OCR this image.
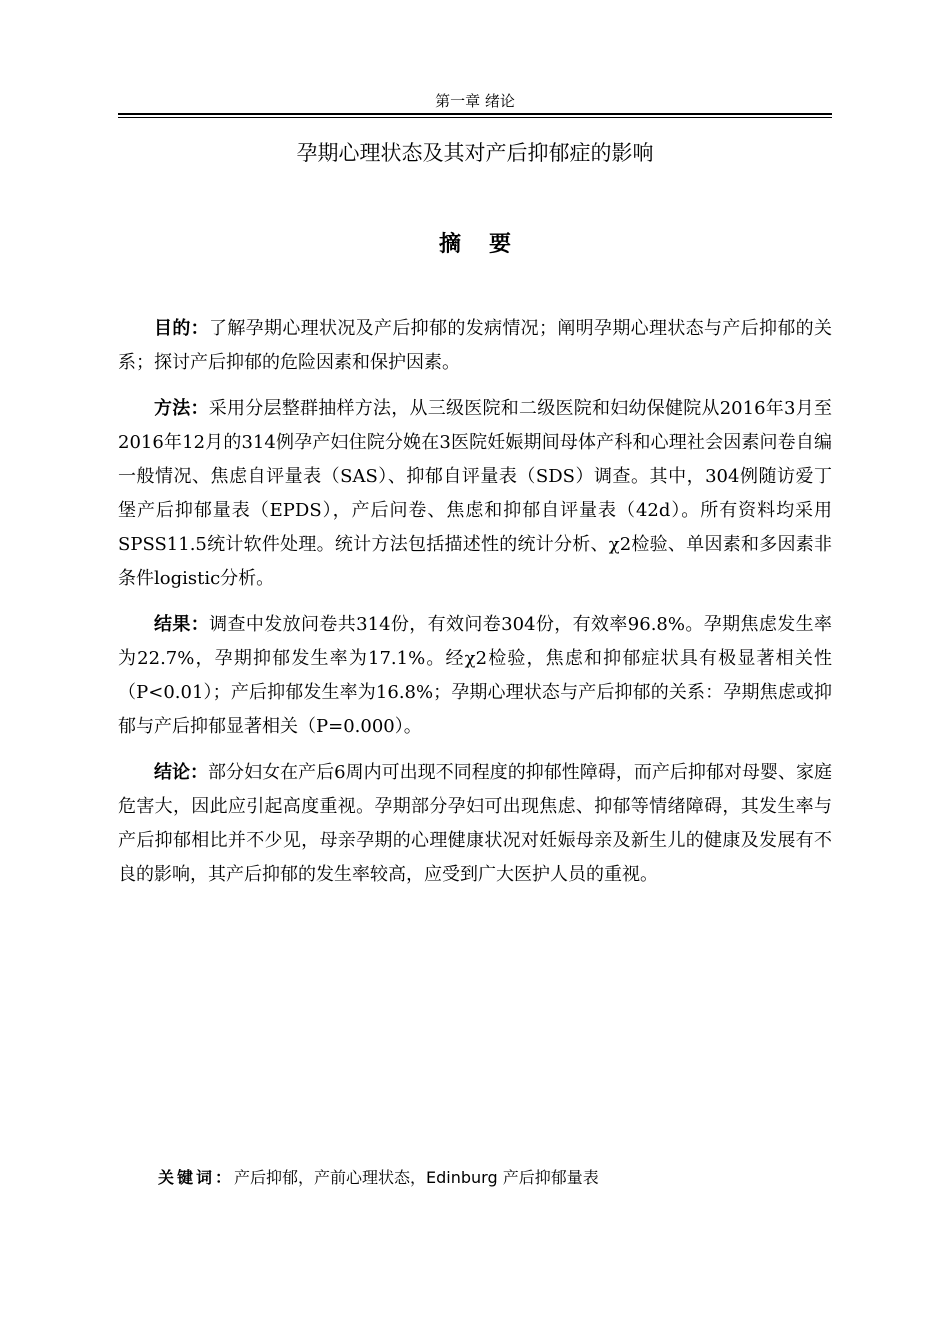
第一章 绪论
孕期心理状态及其对产后抑郁症的影响
摘要

目的：了解孕期心理状况及产后抑郁的发病情况；阐明孕期心理状态与产后抑郁的关系；探讨产后抑郁的危险因素和保护因素。

方法：采用分层整群抽样方法，从三级医院和二级医院和妇幼保健院从2016年3月至2016年12月的314例孕产妇住院分娩在3医院妊娠期间母体产科和心理社会因素问卷自编一般情况、焦虑自评量表（SAS）、抑郁自评量表（SDS）调查。其中，304例随访爱丁堡产后抑郁量表（EPDS），产后问卷、焦虑和抑郁自评量表（42d）。所有资料均采用SPSS11.5统计软件处理。统计方法包括描述性的统计分析、χ2检验、单因素和多因素非条件logistic分析。

结果：调查中发放问卷共314份，有效问卷304份，有效率96.8%。孕期焦虑发生率为22.7%，孕期抑郁发生率为17.1%。经χ2检验，焦虑和抑郁症状具有极显著相关性（P<0.01）；产后抑郁发生率为16.8%；孕期心理状态与产后抑郁的关系：孕期焦虑或抑郁与产后抑郁显著相关（P=0.000）。

结论：部分妇女在产后6周内可出现不同程度的抑郁性障碍，而产后抑郁对母婴、家庭危害大，因此应引起高度重视。孕期部分孕妇可出现焦虑、抑郁等情绪障碍，其发生率与产后抑郁相比并不少见，母亲孕期的心理健康状况对妊娠母亲及新生儿的健康及发展有不良的影响，其产后抑郁的发生率较高，应受到广大医护人员的重视。

关键词：产后抑郁，产前心理状态，Edinburg 产后抑郁量表
